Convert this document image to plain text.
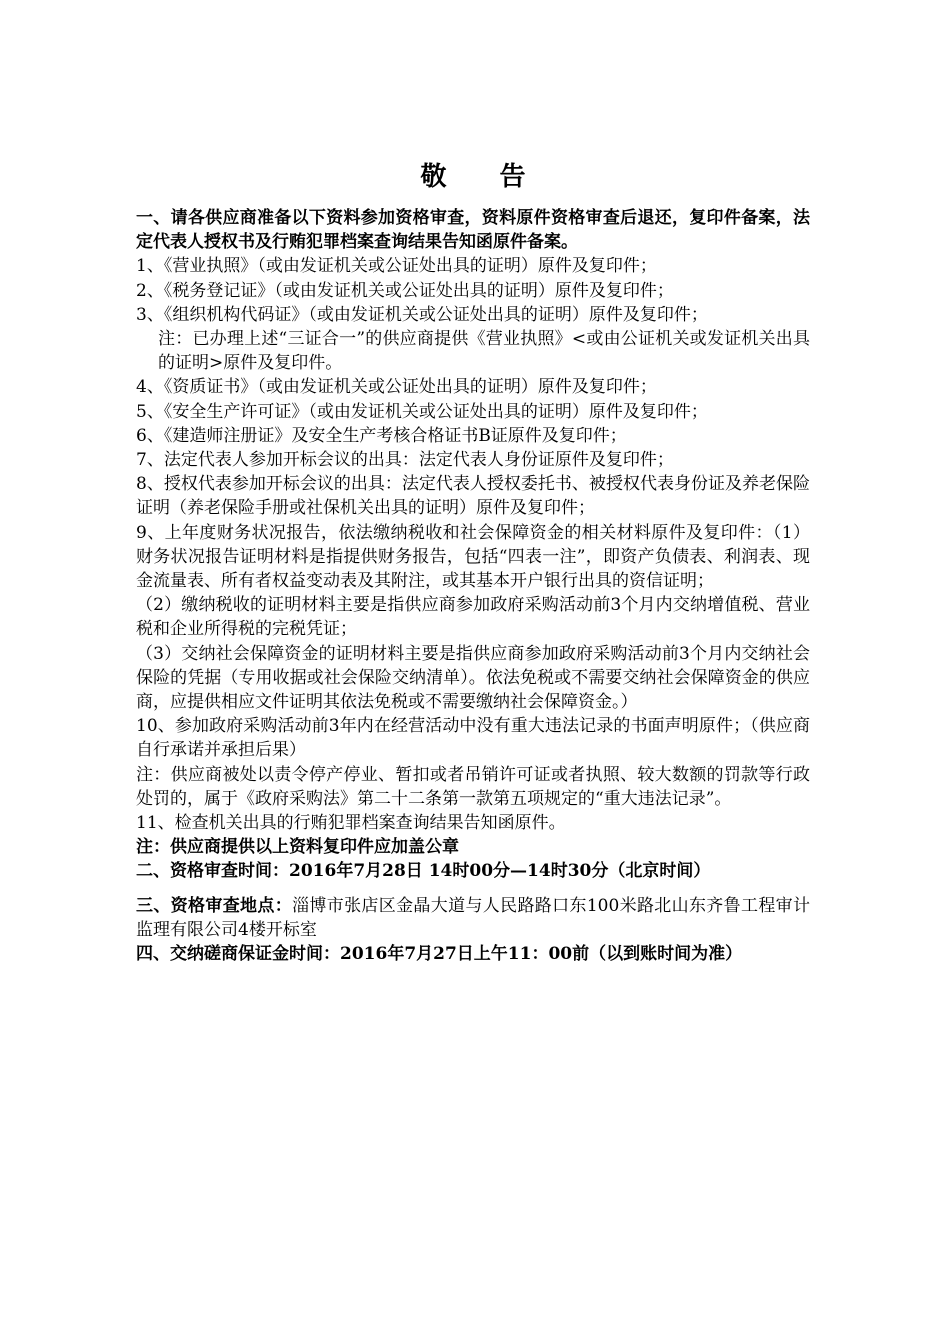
敬 告

一、请各供应商准备以下资料参加资格审查，资料原件资格审查后退还，复印件备案，法定代表人授权书及行贿犯罪档案查询结果告知函原件备案。

1、《营业执照》（或由发证机关或公证处出具的证明）原件及复印件；

2、《税务登记证》（或由发证机关或公证处出具的证明）原件及复印件；

3、《组织机构代码证》（或由发证机关或公证处出具的证明）原件及复印件；

注：已办理上述“三证合一”的供应商提供《营业执照》<或由公证机关或发证机关出具的证明>原件及复印件。

4、《资质证书》（或由发证机关或公证处出具的证明）原件及复印件；

5、《安全生产许可证》（或由发证机关或公证处出具的证明）原件及复印件；

6、《建造师注册证》及安全生产考核合格证书B证原件及复印件；

7、法定代表人参加开标会议的出具：法定代表人身份证原件及复印件；

8、授权代表参加开标会议的出具：法定代表人授权委托书、被授权代表身份证及养老保险证明（养老保险手册或社保机关出具的证明）原件及复印件；

9、上年度财务状况报告，依法缴纳税收和社会保障资金的相关材料原件及复印件：（1）财务状况报告证明材料是指提供财务报告，包括“四表一注”，即资产负债表、利润表、现金流量表、所有者权益变动表及其附注，或其基本开户银行出具的资信证明；

（2）缴纳税收的证明材料主要是指供应商参加政府采购活动前3个月内交纳增值税、营业税和企业所得税的完税凭证；

（3）交纳社会保障资金的证明材料主要是指供应商参加政府采购活动前3个月内交纳社会保险的凭据（专用收据或社会保险交纳清单）。依法免税或不需要交纳社会保障资金的供应商，应提供相应文件证明其依法免税或不需要缴纳社会保障资金。）

10、参加政府采购活动前3年内在经营活动中没有重大违法记录的书面声明原件；（供应商自行承诺并承担后果）

注：供应商被处以责令停产停业、暂扣或者吊销许可证或者执照、较大数额的罚款等行政处罚的，属于《政府采购法》第二十二条第一款第五项规定的“重大违法记录”。

11、检查机关出具的行贿犯罪档案查询结果告知函原件。

注：供应商提供以上资料复印件应加盖公章

二、资格审查时间：2016年7月28日 14时00分—14时30分（北京时间）

三、资格审查地点：淄博市张店区金晶大道与人民路路口东100米路北山东齐鲁工程审计监理有限公司4楼开标室

四、交纳磋商保证金时间：2016年7月27日上午11：00前（以到账时间为准）
